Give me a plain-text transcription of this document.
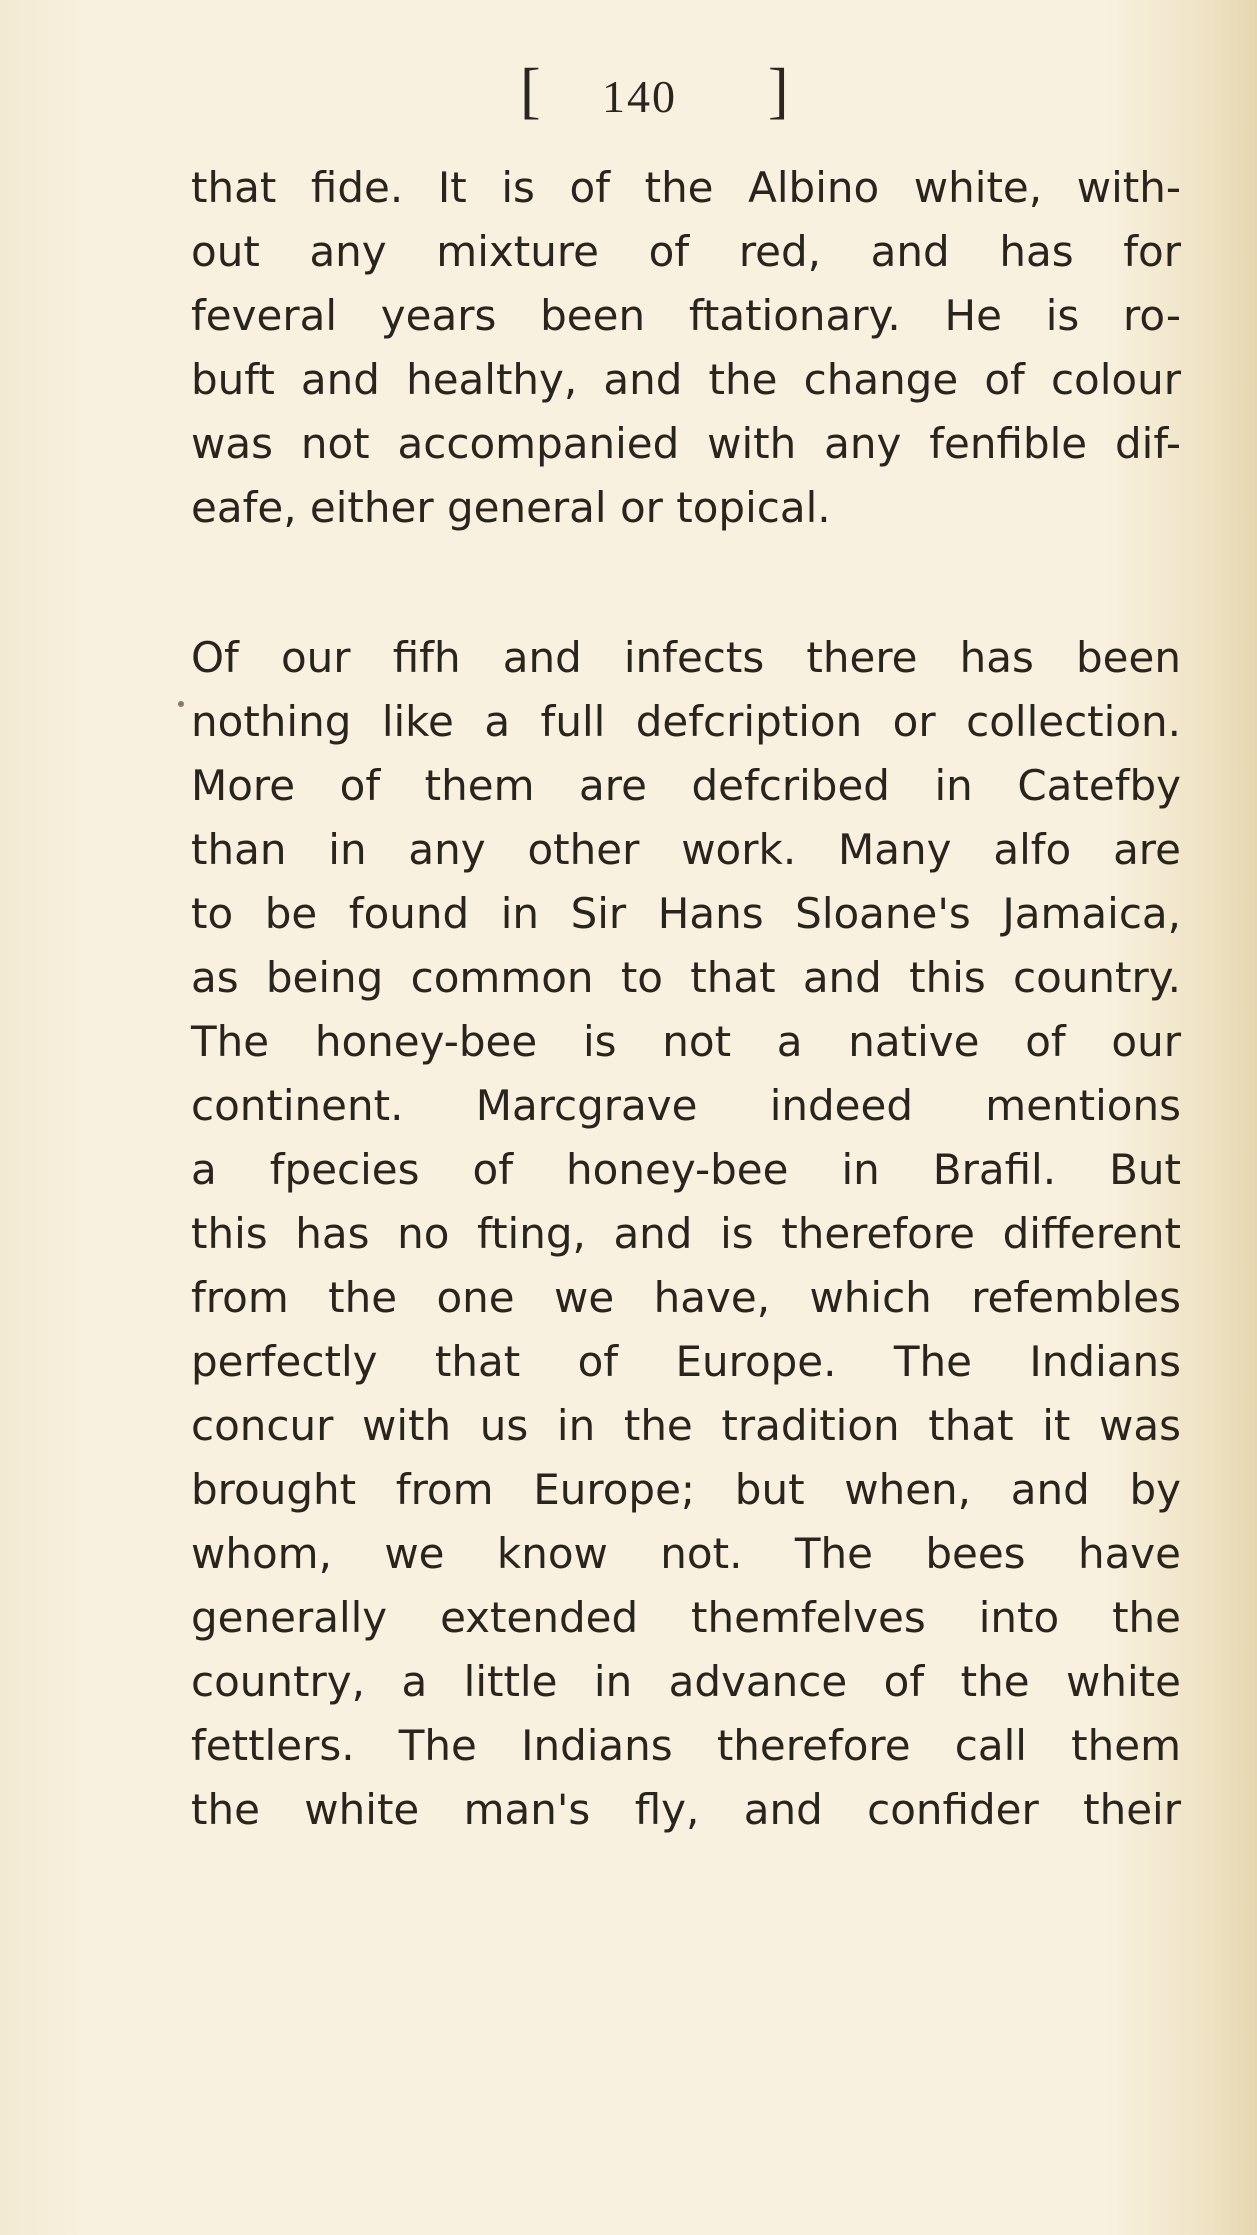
[ 140 ]
that fide. It is of the Albino white, with-
out any mixture of red, and has for
feveral years been ftationary. He is ro-
buft and healthy, and the change of colour
was not accompanied with any fenfible dif-
eafe, either general or topical.
Of our fifh and infects there has been
nothing like a full defcription or collection.
More of them are defcribed in Catefby
than in any other work. Many alfo are
to be found in Sir Hans Sloane's Jamaica,
as being common to that and this country.
The honey-bee is not a native of our
continent. Marcgrave indeed mentions
a fpecies of honey-bee in Brafil. But
this has no fting, and is therefore different
from the one we have, which refembles
perfectly that of Europe. The Indians
concur with us in the tradition that it was
brought from Europe; but when, and by
whom, we know not. The bees have
generally extended themfelves into the
country, a little in advance of the white
fettlers. The Indians therefore call them
the white man's fly, and confider their
